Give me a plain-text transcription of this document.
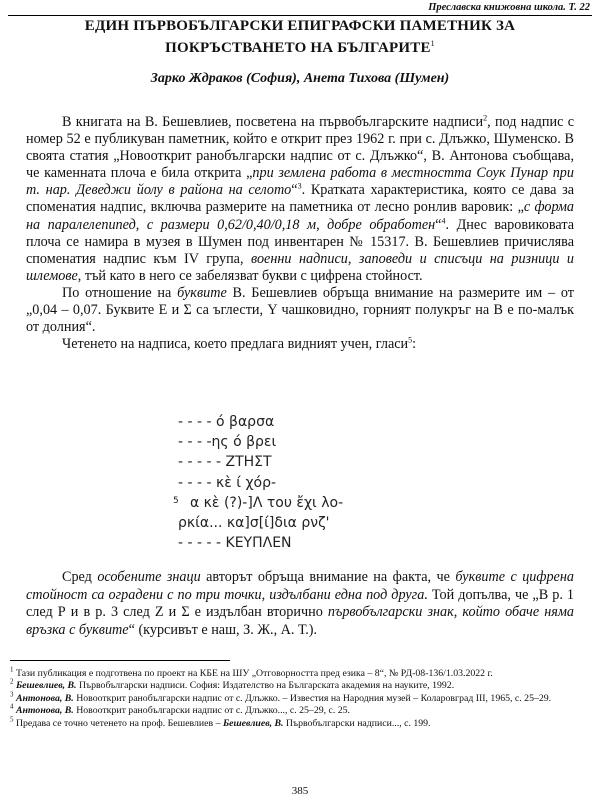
Преславска книжовна школа. Т. 22
ЕДИН ПЪРВОБЪЛГАРСКИ ЕПИГРАФСКИ ПАМЕТНИК ЗА
ПОКРЪСТВАНЕТО НА БЪЛГАРИТЕ$^1$
Зарко Ждраков (София), Анета Тихова (Шумен)

В книгата на В. Бешевлиев, посветена на първобългарските надписи$^2$, под надпис с номер 52 е публикуван паметник, който е открит през 1962 г. при с. Длъжко, Шуменско. В своята статия „Новооткрит ранобългарски надпис от с. Длъжко“, В. Антонова съобщава, че каменната плоча е била открита „при землена работа в местността Соук Пунар при т. нар. Деведжи йолу в района на селото“$^3$. Кратката характеристика, която се дава за споменатия надпис, включва размерите на паметника от лесно ронлив варовик: „с форма на паралелепипед, с размери 0,62/0,40/0,18 м, добре обработен“$^4$. Днес варовиковата плоча се намира в музея в Шумен под инвентарен № 15317. В. Бешевлиев причислява споменатия надпис към IV група, военни надписи, заповеди и списъци на ризници и шлемове, тъй като в него се забелязват букви с цифрена стойност.

По отношение на буквите В. Бешевлиев обръща внимание на размерите им – от „0,04 – 0,07. Буквите Е и Σ са ъглести, Υ чашковидно, горният полукръг на В е по-малък от долния“.

Четенето на надписа, което предлага видният учен, гласи$^5$:

- - - - ό βαρσα
- - - -ης ό βρει
- - - - - ΖΤΗΣΤ
- - - - κὲ ί χόρ-
5 α κὲ (?)-]Λ του ἔχι λο-
ρκία... κα]σ[ί]δια ρνζ'
- - - - - ΚΕΥΠΛΕΝ

Сред особените знаци авторът обръща внимание на факта, че буквите с цифрена стойност са оградени с по три точки, издълбани една под друга. Той допълва, че „В р. 1 след Р и в р. 3 след Z и Σ е издълбан вторично първобългарски знак, който обаче няма връзка с буквите“ (курсивът е наш, З. Ж., А. Т.).

$^1$ Тази публикация е подготвена по проект на КБЕ на ШУ „Отговорността пред езика – 8“, № РД-08-136/1.03.2022 г.
$^2$ Бешевлиев, В. Първобългарски надписи. София: Издателство на Българската академия на науките, 1992.
$^3$ Антонова, В. Новооткрит ранобългарски надпис от с. Длъжко. – Известия на Народния музей – Коларовград III, 1965, с. 25–29.
$^4$ Антонова, В. Новооткрит ранобългарски надпис от с. Длъжко..., с. 25–29, с. 25.
$^5$ Предава се точно четенето на проф. Бешевлиев – Бешевлиев, В. Първобългарски надписи..., с. 199.
385
